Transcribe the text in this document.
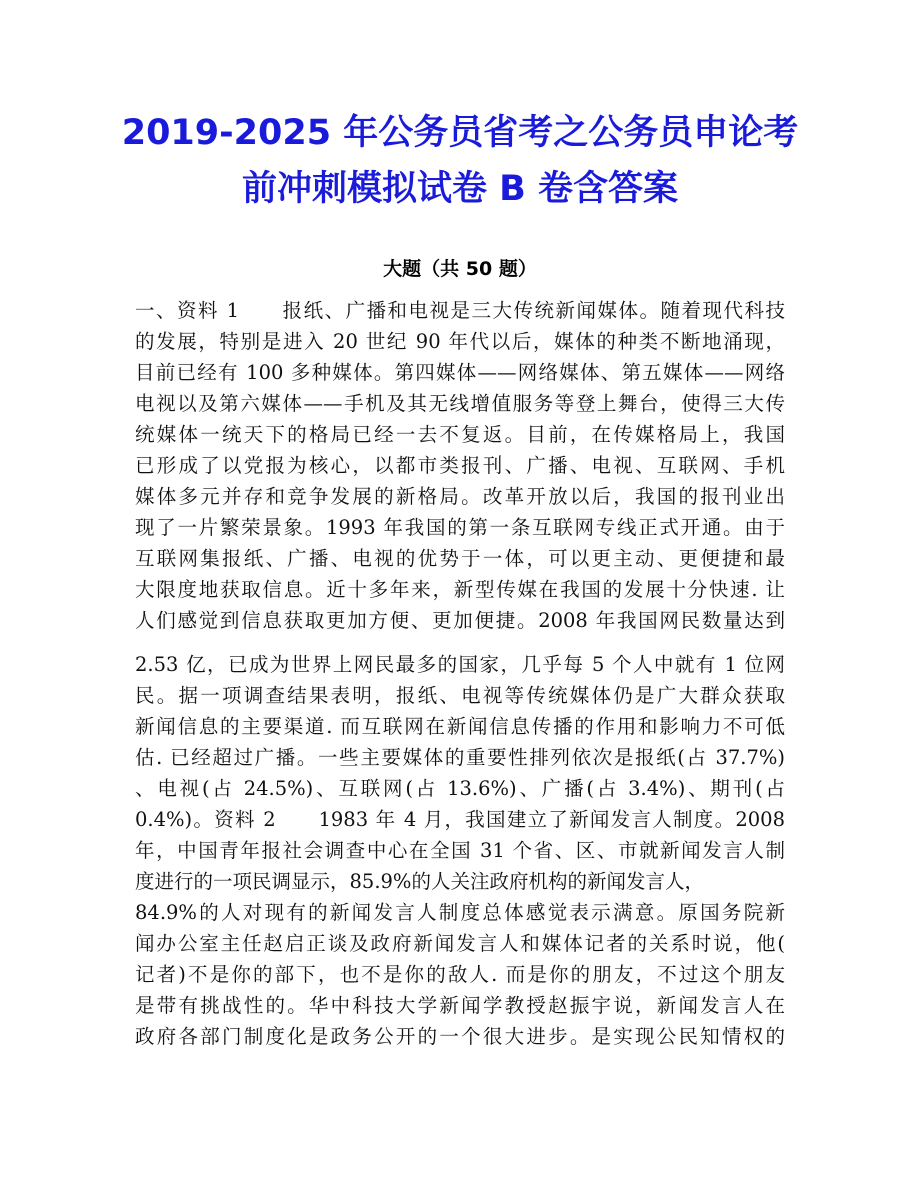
2019-2025 年公务员省考之公务员申论考
前冲刺模拟试卷 B 卷含答案
大题（共 50 题）
一、资料 1　　报纸、广播和电视是三大传统新闻媒体。随着现代科技
的发展，特别是进入 20 世纪 90 年代以后，媒体的种类不断地涌现，
目前已经有 100 多种媒体。第四媒体——网络媒体、第五媒体——网络
电视以及第六媒体——手机及其无线增值服务等登上舞台，使得三大传
统媒体一统天下的格局已经一去不复返。目前，在传媒格局上，我国
已形成了以党报为核心，以都市类报刊、广播、电视、互联网、手机
媒体多元并存和竞争发展的新格局。改革开放以后，我国的报刊业出
现了一片繁荣景象。1993 年我国的第一条互联网专线正式开通。由于
互联网集报纸、广播、电视的优势于一体，可以更主动、更便捷和最
大限度地获取信息。近十多年来，新型传媒在我国的发展十分快速. 让
人们感觉到信息获取更加方便、更加便捷。2008 年我国网民数量达到
2.53 亿，已成为世界上网民最多的国家，几乎每 5 个人中就有 1 位网
民。据一项调查结果表明，报纸、电视等传统媒体仍是广大群众获取
新闻信息的主要渠道. 而互联网在新闻信息传播的作用和影响力不可低
估. 已经超过广播。一些主要媒体的重要性排列依次是报纸(占 37.7%)
、电视(占 24.5%)、互联网(占 13.6%)、广播(占 3.4%)、期刊(占
0.4%)。资料 2　　1983 年 4 月，我国建立了新闻发言人制度。2008
年，中国青年报社会调查中心在全国 31 个省、区、市就新闻发言人制
度进行的一项民调显示，85.9%的人关注政府机构的新闻发言人，
84.9%的人对现有的新闻发言人制度总体感觉表示满意。原国务院新
闻办公室主任赵启正谈及政府新闻发言人和媒体记者的关系时说，他(
记者)不是你的部下，也不是你的敌人. 而是你的朋友，不过这个朋友
是带有挑战性的。华中科技大学新闻学教授赵振宇说，新闻发言人在
政府各部门制度化是政务公开的一个很大进步。是实现公民知情权的
